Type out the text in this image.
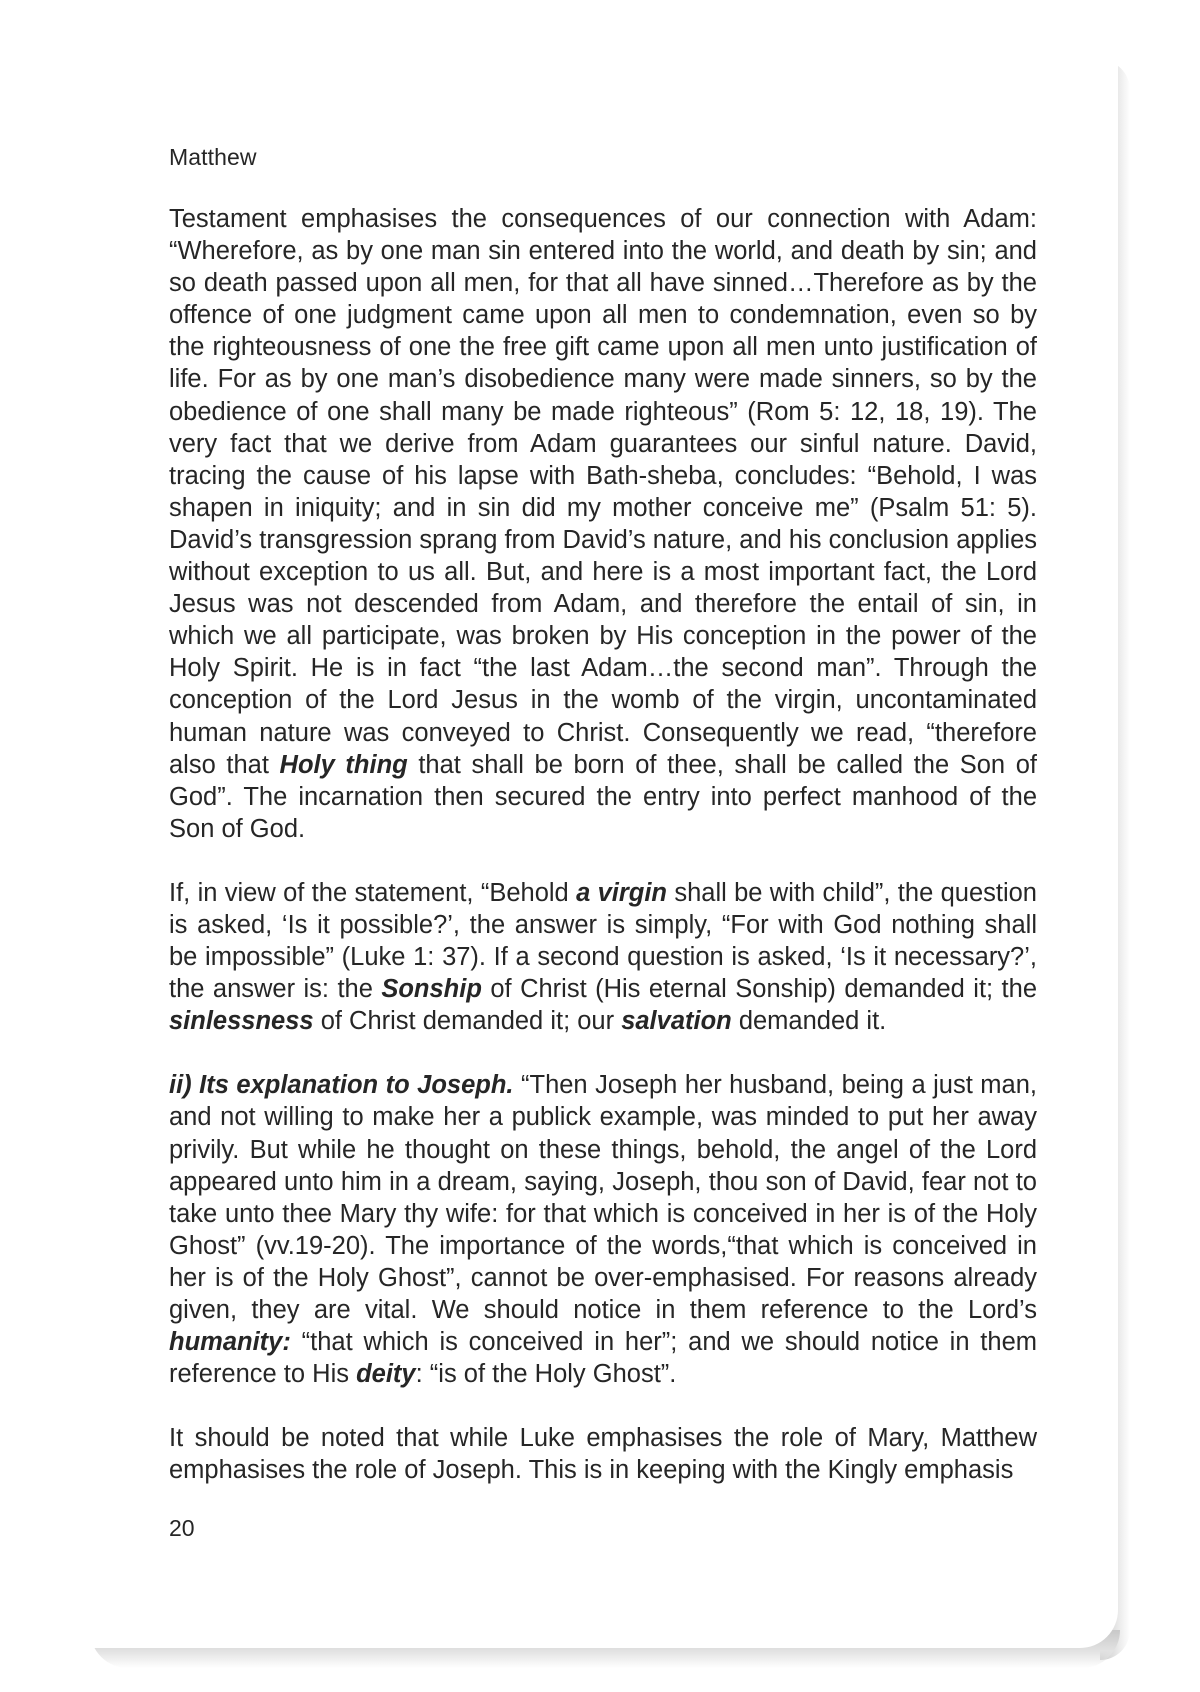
Matthew

Testament emphasises the consequences of our connection with Adam: “Wherefore, as by one man sin entered into the world, and death by sin; and so death passed upon all men, for that all have sinned…Therefore as by the offence of one judgment came upon all men to condemnation, even so by the righteousness of one the free gift came upon all men unto justification of life. For as by one man’s disobedience many were made sinners, so by the obedience of one shall many be made righteous” (Rom 5: 12, 18, 19). The very fact that we derive from Adam guarantees our sinful nature. David, tracing the cause of his lapse with Bath-sheba, concludes: “Behold, I was shapen in iniquity; and in sin did my mother conceive me” (Psalm 51: 5). David’s transgression sprang from David’s nature, and his conclusion applies without exception to us all. But, and here is a most important fact, the Lord Jesus was not descended from Adam, and therefore the entail of sin, in which we all participate, was broken by His conception in the power of the Holy Spirit. He is in fact “the last Adam…the second man”. Through the conception of the Lord Jesus in the womb of the virgin, uncontaminated human nature was conveyed to Christ. Consequently we read, “therefore also that Holy thing that shall be born of thee, shall be called the Son of God”. The incarnation then secured the entry into perfect manhood of the Son of God.

If, in view of the statement, “Behold a virgin shall be with child”, the question is asked, ‘Is it possible?’, the answer is simply, “For with God nothing shall be impossible” (Luke 1: 37). If a second question is asked, ‘Is it necessary?’, the answer is: the Sonship of Christ (His eternal Sonship) demanded it; the sinlessness of Christ demanded it; our salvation demanded it.

ii) Its explanation to Joseph. “Then Joseph her husband, being a just man, and not willing to make her a publick example, was minded to put her away privily. But while he thought on these things, behold, the angel of the Lord appeared unto him in a dream, saying, Joseph, thou son of David, fear not to take unto thee Mary thy wife: for that which is conceived in her is of the Holy Ghost” (vv.19-20). The importance of the words,“that which is conceived in her is of the Holy Ghost”, cannot be over-emphasised. For reasons already given, they are vital. We should notice in them reference to the Lord’s humanity: “that which is conceived in her”; and we should notice in them reference to His deity: “is of the Holy Ghost”.

It should be noted that while Luke emphasises the role of Mary, Matthew emphasises the role of Joseph. This is in keeping with the Kingly emphasis

20
